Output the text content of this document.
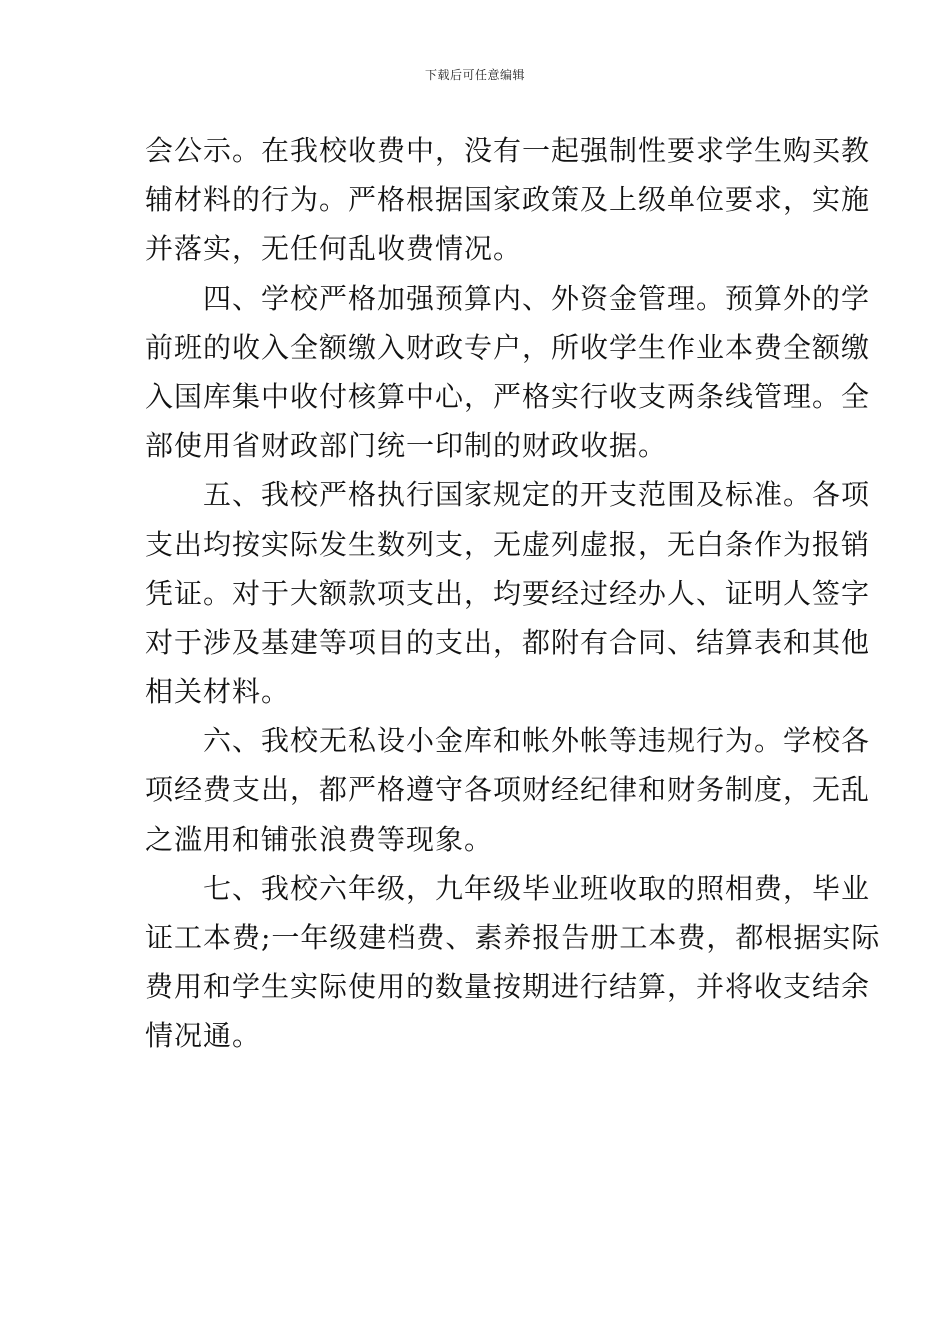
下载后可任意编辑
会公示。在我校收费中，没有一起强制性要求学生购买教
辅材料的行为。严格根据国家政策及上级单位要求，实施
并落实，无任何乱收费情况。
　　四、学校严格加强预算内、外资金管理。预算外的学
前班的收入全额缴入财政专户，所收学生作业本费全额缴
入国库集中收付核算中心，严格实行收支两条线管理。全
部使用省财政部门统一印制的财政收据。
　　五、我校严格执行国家规定的开支范围及标准。各项
支出均按实际发生数列支，无虚列虚报，无白条作为报销
凭证。对于大额款项支出，均要经过经办人、证明人签字
对于涉及基建等项目的支出，都附有合同、结算表和其他
相关材料。
　　六、我校无私设小金库和帐外帐等违规行为。学校各
项经费支出，都严格遵守各项财经纪律和财务制度，无乱
之滥用和铺张浪费等现象。
　　七、我校六年级，九年级毕业班收取的照相费，毕业
证工本费;一年级建档费、素养报告册工本费，都根据实际
费用和学生实际使用的数量按期进行结算，并将收支结余
情况通。
